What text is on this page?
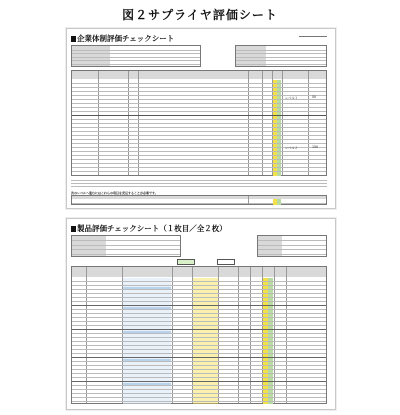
図２サプライヤ評価シート
企業体制評価チェックシート
レベル１	50
レベル２	150
次のレベルへ進むにはこれらの項目を充足することが必要です。
製品評価チェックシート（１枚目／全２枚）
